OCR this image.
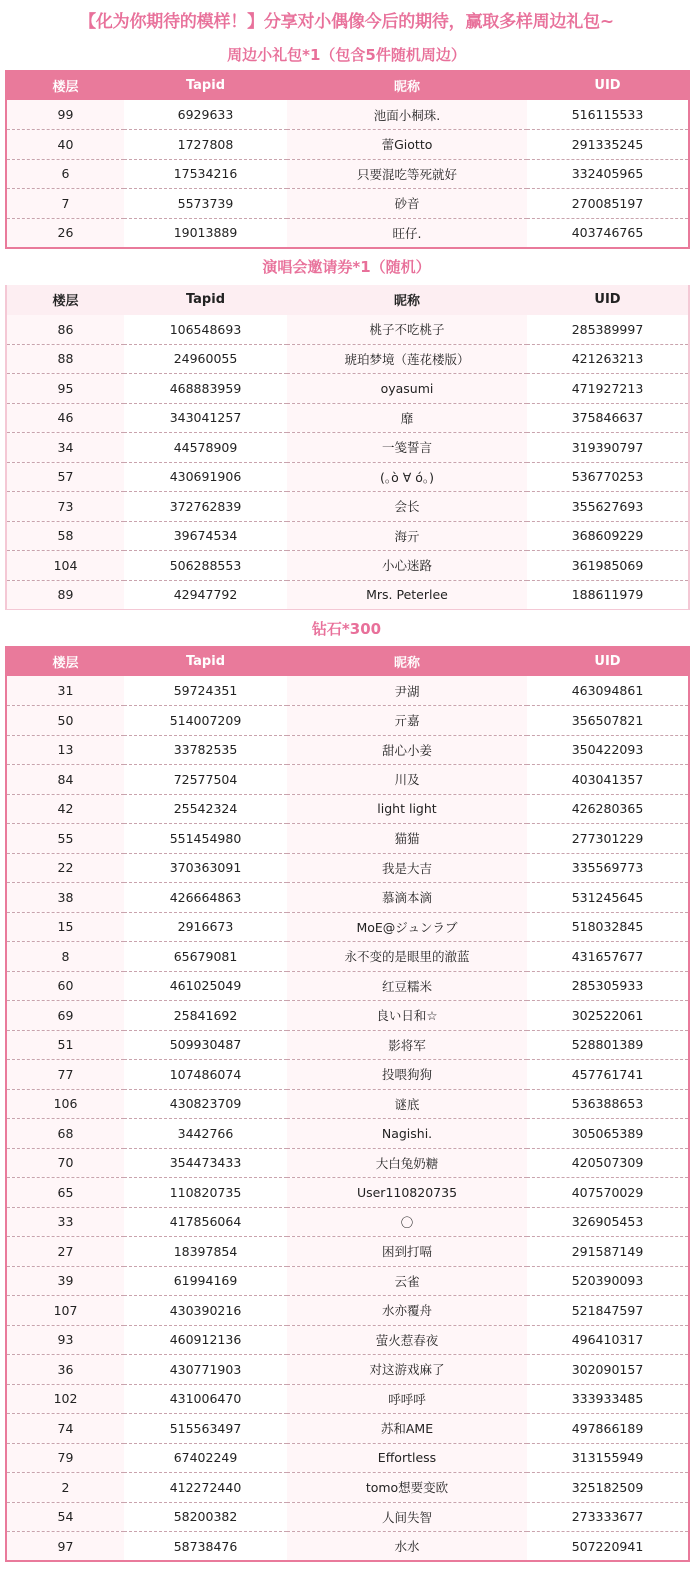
【化为你期待的模样！】分享对小偶像今后的期待，赢取多样周边礼包~
周边小礼包*1（包含5件随机周边）
楼层	Tapid	昵称	UID
99	6929633	池面小桐珠.	516115533
40	1727808	蕾Giotto	291335245
6	17534216	只要混吃等死就好	332405965
7	5573739	砂音	270085197
26	19013889	旺仔.	403746765
演唱会邀请券*1（随机）
楼层	Tapid	昵称	UID
86	106548693	桃子不吃桃子	285389997
88	24960055	琥珀梦境（莲花楼版）	421263213
95	468883959	oyasumi	471927213
46	343041257	靡	375846637
34	44578909	一笺誓言	319390797
57	430691906	(｡ò ∀ ó｡)	536770253
73	372762839	会长	355627693
58	39674534	海亓	368609229
104	506288553	小心迷路	361985069
89	42947792	Mrs. Peterlee	188611979
钻石*300
楼层	Tapid	昵称	UID
31	59724351	尹湖	463094861
50	514007209	亓嘉	356507821
13	33782535	甜心小姜	350422093
84	72577504	川及	403041357
42	25542324	light light	426280365
55	551454980	猫猫	277301229
22	370363091	我是大吉	335569773
38	426664863	慕滴本滴	531245645
15	2916673	MoE@ジュンラブ	518032845
8	65679081	永不变的是眼里的澈蓝	431657677
60	461025049	红豆糯米	285305933
69	25841692	良い日和☆	302522061
51	509930487	影将军	528801389
77	107486074	投喂狗狗	457761741
106	430823709	谜底	536388653
68	3442766	Nagishi.	305065389
70	354473433	大白兔奶糖	420507309
65	110820735	User110820735	407570029
33	417856064	〇	326905453
27	18397854	困到打嗝	291587149
39	61994169	云雀	520390093
107	430390216	水亦覆舟	521847597
93	460912136	萤火惹春夜	496410317
36	430771903	对这游戏麻了	302090157
102	431006470	呼呼呼	333933485
74	515563497	苏和AME	497866189
79	67402249	Effortless	313155949
2	412272440	tomo想要变欧	325182509
54	58200382	人间失智	273333677
97	58738476	水水	507220941
